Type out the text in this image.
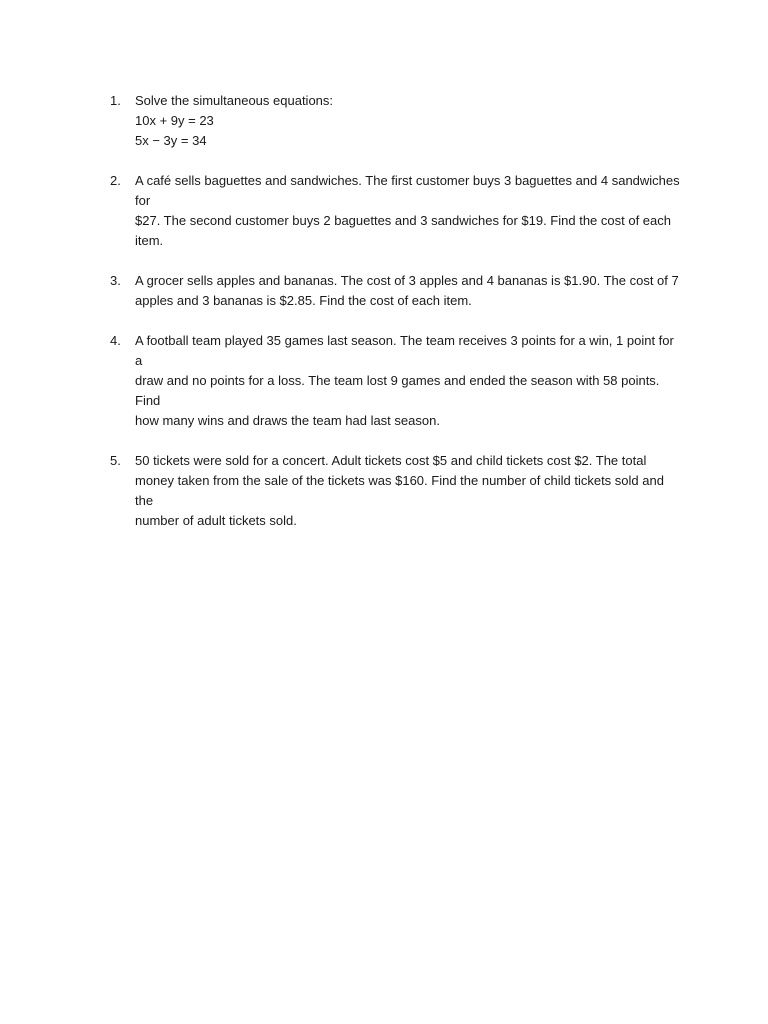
1.	Solve the simultaneous equations:
10x + 9y = 23
5x − 3y = 34
2.	A café sells baguettes and sandwiches. The first customer buys 3 baguettes and 4 sandwiches for
$27. The second customer buys 2 baguettes and 3 sandwiches for $19. Find the cost of each
item.
3.	A grocer sells apples and bananas. The cost of 3 apples and 4 bananas is $1.90. The cost of 7
apples and 3 bananas is $2.85. Find the cost of each item.
4.	A football team played 35 games last season. The team receives 3 points for a win, 1 point for a
draw and no points for a loss. The team lost 9 games and ended the season with 58 points. Find
how many wins and draws the team had last season.
5.	50 tickets were sold for a concert. Adult tickets cost $5 and child tickets cost $2. The total
money taken from the sale of the tickets was $160. Find the number of child tickets sold and the
number of adult tickets sold.
